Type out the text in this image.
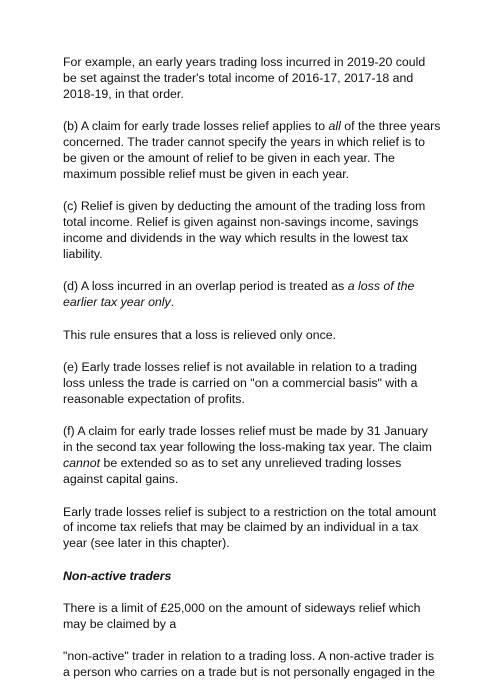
For example, an early years trading loss incurred in 2019-20 could be set against the trader's total income of 2016-17, 2017-18 and 2018-19, in that order.

(b) A claim for early trade losses relief applies to all of the three years concerned. The trader cannot specify the years in which relief is to be given or the amount of relief to be given in each year. The maximum possible relief must be given in each year.

(c) Relief is given by deducting the amount of the trading loss from total income. Relief is given against non-savings income, savings income and dividends in the way which results in the lowest tax liability.

(d) A loss incurred in an overlap period is treated as a loss of the earlier tax year only.

This rule ensures that a loss is relieved only once.

(e) Early trade losses relief is not available in relation to a trading loss unless the trade is carried on "on a commercial basis" with a reasonable expectation of profits.

(f) A claim for early trade losses relief must be made by 31 January in the second tax year following the loss-making tax year. The claim cannot be extended so as to set any unrelieved trading losses against capital gains.

Early trade losses relief is subject to a restriction on the total amount of income tax reliefs that may be claimed by an individual in a tax year (see later in this chapter).

Non-active traders

There is a limit of £25,000 on the amount of sideways relief which may be claimed by a

"non-active" trader in relation to a trading loss. A non-active trader is a person who carries on a trade but is not personally engaged in the
